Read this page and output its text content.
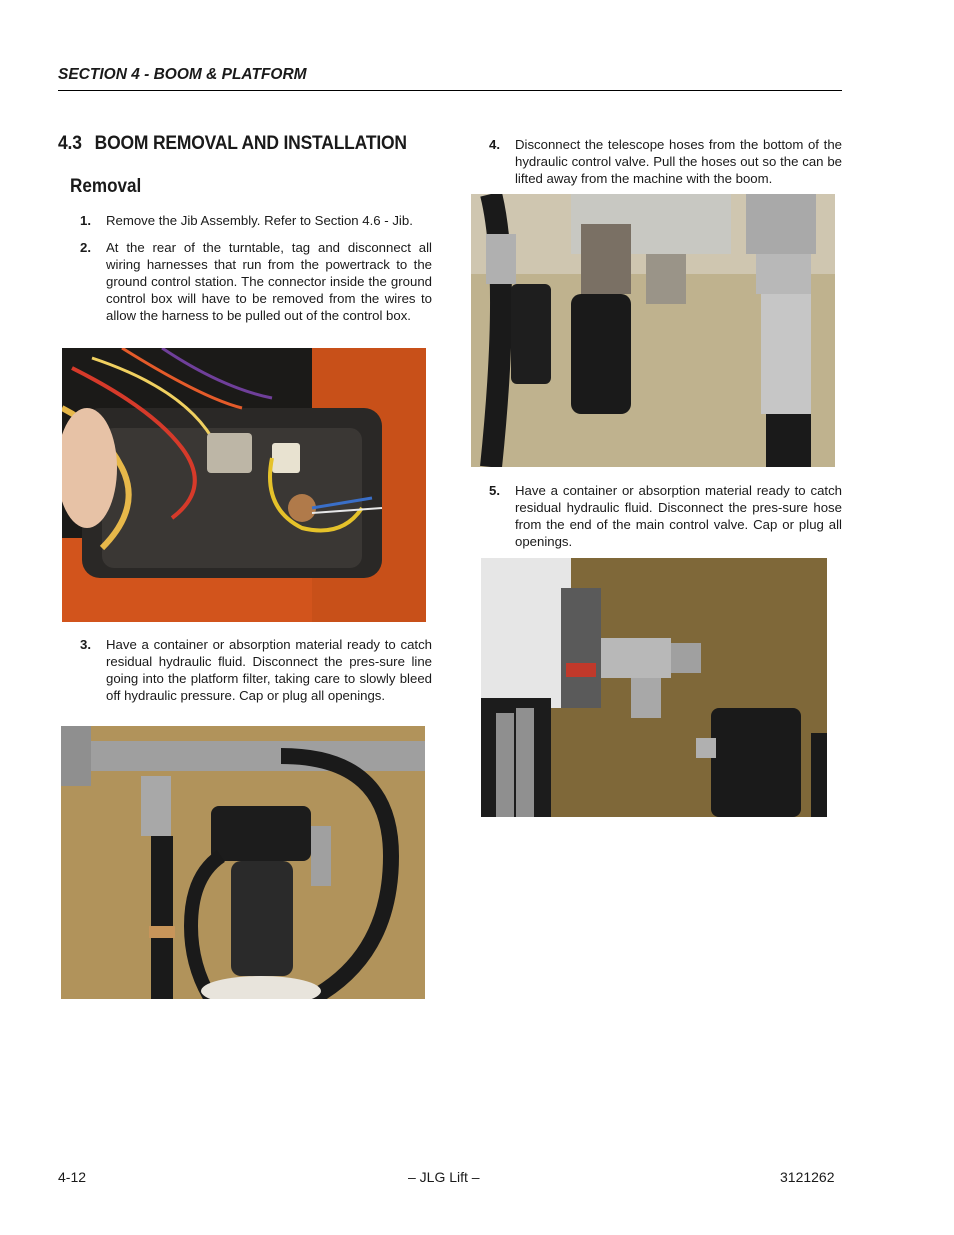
SECTION 4 - BOOM & PLATFORM
4.3 BOOM REMOVAL AND INSTALLATION
Removal
1. Remove the Jib Assembly. Refer to Section 4.6 - Jib.
2. At the rear of the turntable, tag and disconnect all wiring harnesses that run from the powertrack to the ground control station. The connector inside the ground control box will have to be removed from the wires to allow the harness to be pulled out of the control box.
3. Have a container or absorption material ready to catch residual hydraulic fluid. Disconnect the pres-sure line going into the platform filter, taking care to slowly bleed off hydraulic pressure. Cap or plug all openings.
4. Disconnect the telescope hoses from the bottom of the hydraulic control valve. Pull the hoses out so the can be lifted away from the machine with the boom.
5. Have a container or absorption material ready to catch residual hydraulic fluid. Disconnect the pres-sure hose from the end of the main control valve. Cap or plug all openings.
4-12	– JLG Lift –	3121262
